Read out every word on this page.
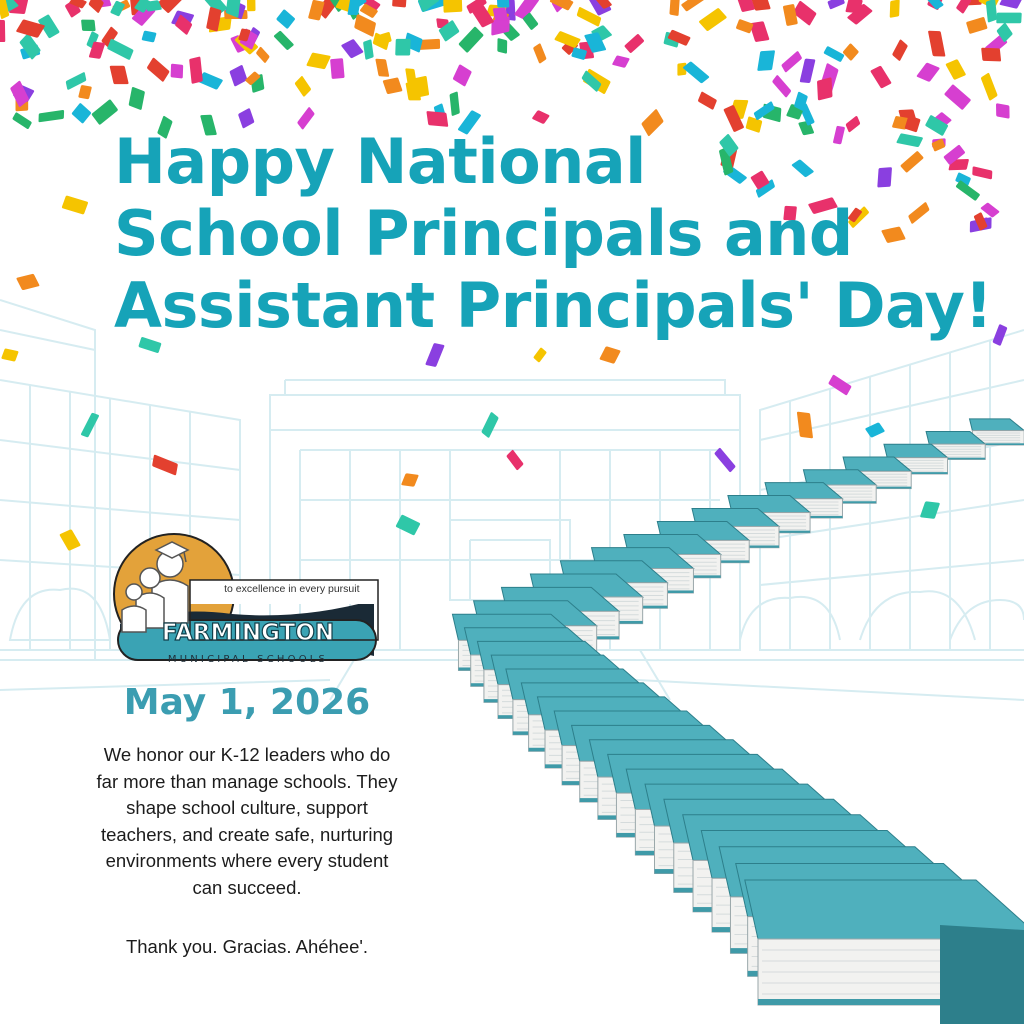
Happy National
School Principals and
Assistant Principals' Day!
Rising to excellence in every pursuit
FARMINGTON
MUNICIPAL SCHOOLS
May 1, 2026

We honor our K-12 leaders who do far more than manage schools. They shape school culture, support teachers, and create safe, nurturing environments where every student can succeed.

Thank you. Gracias. Ahéhee'.
